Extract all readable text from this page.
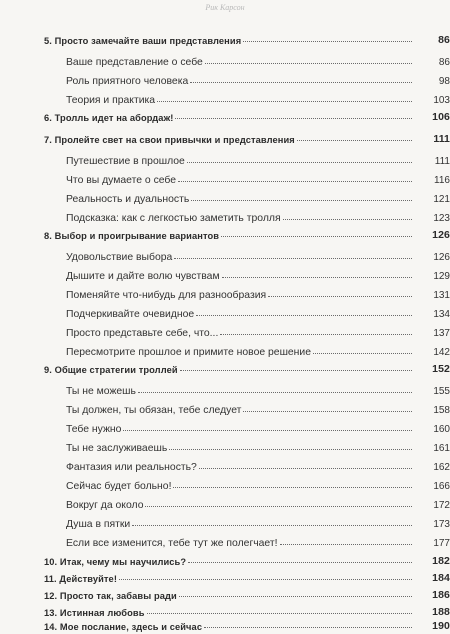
Рик Карсон
5. Просто замечайте ваши представления	86
Ваше представление о себе	86
Роль приятного человека	98
Теория и практика	103
6. Тролль идет на абордаж!	106
7. Пролейте свет на свои привычки и представления	111
Путешествие в прошлое	111
Что вы думаете о себе	116
Реальность и дуальность	121
Подсказка: как с легкостью заметить тролля	123
8. Выбор и проигрывание вариантов	126
Удовольствие выбора	126
Дышите и дайте волю чувствам	129
Поменяйте что-нибудь для разнообразия	131
Подчеркивайте очевидное	134
Просто представьте себе, что...	137
Пересмотрите прошлое и примите новое решение	142
9. Общие стратегии троллей	152
Ты не можешь	155
Ты должен, ты обязан, тебе следует	158
Тебе нужно	160
Ты не заслуживаешь	161
Фантазия или реальность?	162
Сейчас будет больно!	166
Вокруг да около	172
Душа в пятки	173
Если все изменится, тебе тут же полегчает!	177
10. Итак, чему мы научились?	182
11. Действуйте!	184
12. Просто так, забавы ради	186
13. Истинная любовь	188
14. Мое послание, здесь и сейчас	190
